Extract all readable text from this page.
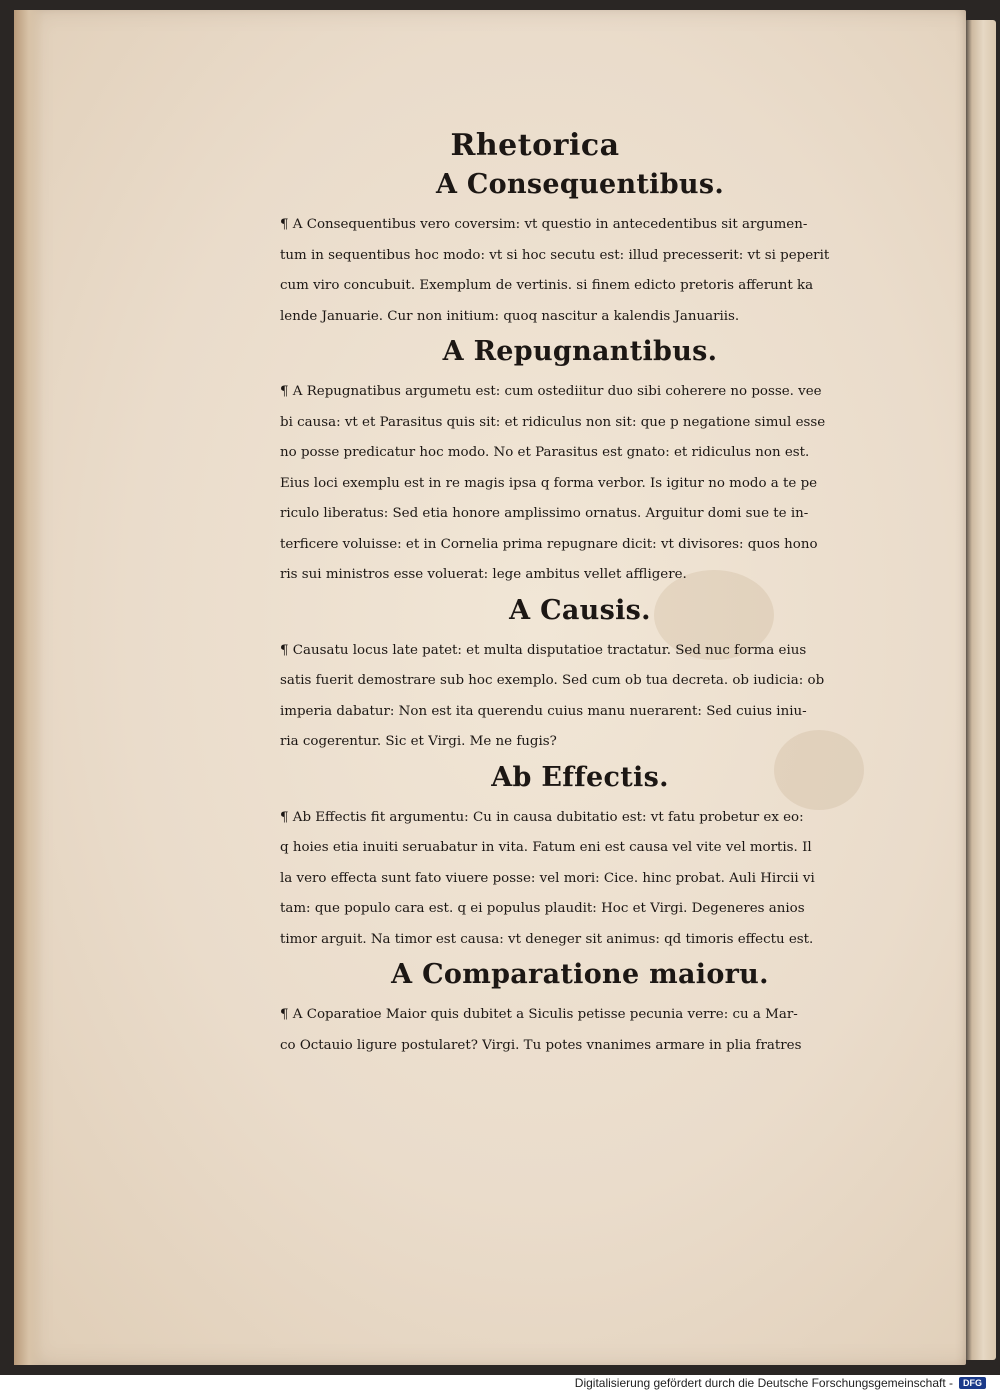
Rhetorica
A Consequentibus.
¶ A Consequentibus vero coversim: vt questio in antecedentibus sit argumen-
tum in sequentibus hoc modo: vt si hoc secutu est: illud precesserit: vt si peperit
cum viro concubuit. Exemplum de vertinis. si finem edicto pretoris afferunt ka
lende Januarie. Cur non initium: quoq nascitur a kalendis Januariis.
A Repugnantibus.
¶ A Repugnatibus argumetu est: cum ostediitur duo sibi coherere no posse. vee
bi causa: vt et Parasitus quis sit: et ridiculus non sit: que p negatione simul esse
no posse predicatur hoc modo. No et Parasitus est gnato: et ridiculus non est.
Eius loci exemplu est in re magis ipsa q forma verbor. Is igitur no modo a te pe
riculo liberatus: Sed etia honore amplissimo ornatus. Arguitur domi sue te in-
terficere voluisse: et in Cornelia prima repugnare dicit: vt divisores: quos hono
ris sui ministros esse voluerat: lege ambitus vellet affligere.
A Causis.
¶ Causatu locus late patet: et multa disputatioe tractatur. Sed nuc forma eius
satis fuerit demostrare sub hoc exemplo. Sed cum ob tua decreta. ob iudicia: ob
imperia dabatur: Non est ita querendu cuius manu nuerarent: Sed cuius iniu-
ria cogerentur. Sic et Virgi. Me ne fugis?
Ab Effectis.
¶ Ab Effectis fit argumentu: Cu in causa dubitatio est: vt fatu probetur ex eo:
q hoies etia inuiti seruabatur in vita. Fatum eni est causa vel vite vel mortis. Il
la vero effecta sunt fato viuere posse: vel mori: Cice. hinc probat. Auli Hircii vi
tam: que populo cara est. q ei populus plaudit: Hoc et Virgi. Degeneres anios
timor arguit. Na timor est causa: vt deneger sit animus: qd timoris effectu est.
A Comparatione maioru.
¶ A Coparatioe Maior quis dubitet a Siculis petisse pecunia verre: cu a Mar-
co Octauio ligure postularet? Virgi. Tu potes vnanimes armare in plia fratres
Digitalisierung gefördert durch die Deutsche Forschungsgemeinschaft -	DFG
